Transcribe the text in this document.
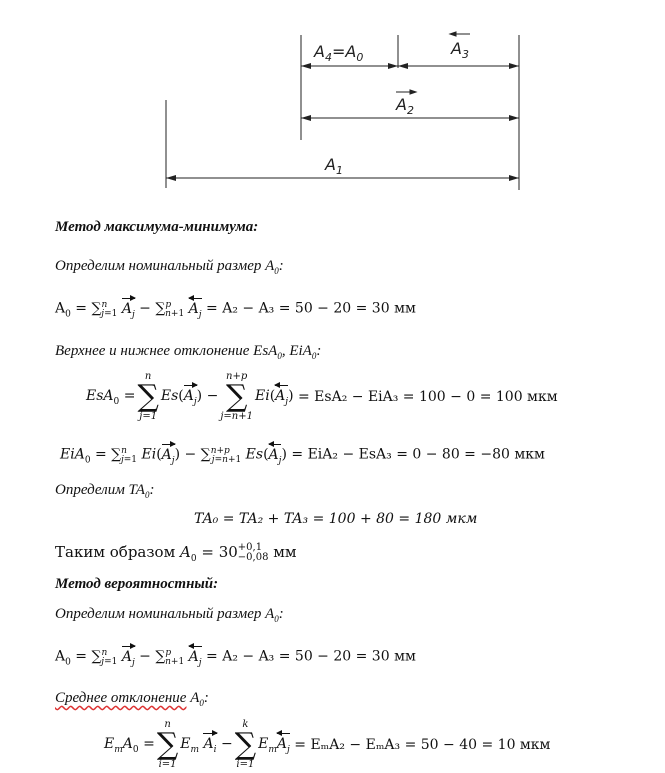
$A_4=A_0$	$A_3$
$A_2$
$A_1$
Метод максимума-минимума:
Определим номинальный размер $A_0$:
$A_0 = \sum^n_{j=1}$ $A_j - \sum^p_{n+1}$ $A_j = A_2 - A_3 = 50 - 20 = 30$ мм
Верхнее и нижнее отклонение EsA$_0$, EiA$_0$:
EsA$_0$ =
n
∑
j=1
$Es(A_j)$ −
n+p
∑
j=n+1
$Ei(A_j) = EsA_2 - EiA_3 = 100 - 0 = 100$ мкм
EiA$_0$ = ∑$^n_{j=1}$ $Ei(A_j) - \sum^{n+p}_{j=n+1}$ $Es(A_j) = EiA_2 - EsA_3 = 0 - 80 = -80$ мкм
Определим $TA_0$:
TA₀ = TA₂ + TA₃ = 100 + 80 = 180 мкм
Таким образом $A_0 = 30 +0,1$
−0,08 мм
Метод вероятностный:
Определим номинальный размер $A_0$:
$A_0 = \sum^n_{j=1}$ $A_j - \sum^p_{n+1}$ $A_j = A_2 - A_3 = 50 - 20 = 30$ мм
Среднее отклонение $A_0$:
$E_mA_0$ =
n
∑
i=1
$E_m$ $A_i$ −
k
∑
i=1
$E_mA_j = E_mA_2 - E_mA_3 = 50 - 40 = 10$ мкм
